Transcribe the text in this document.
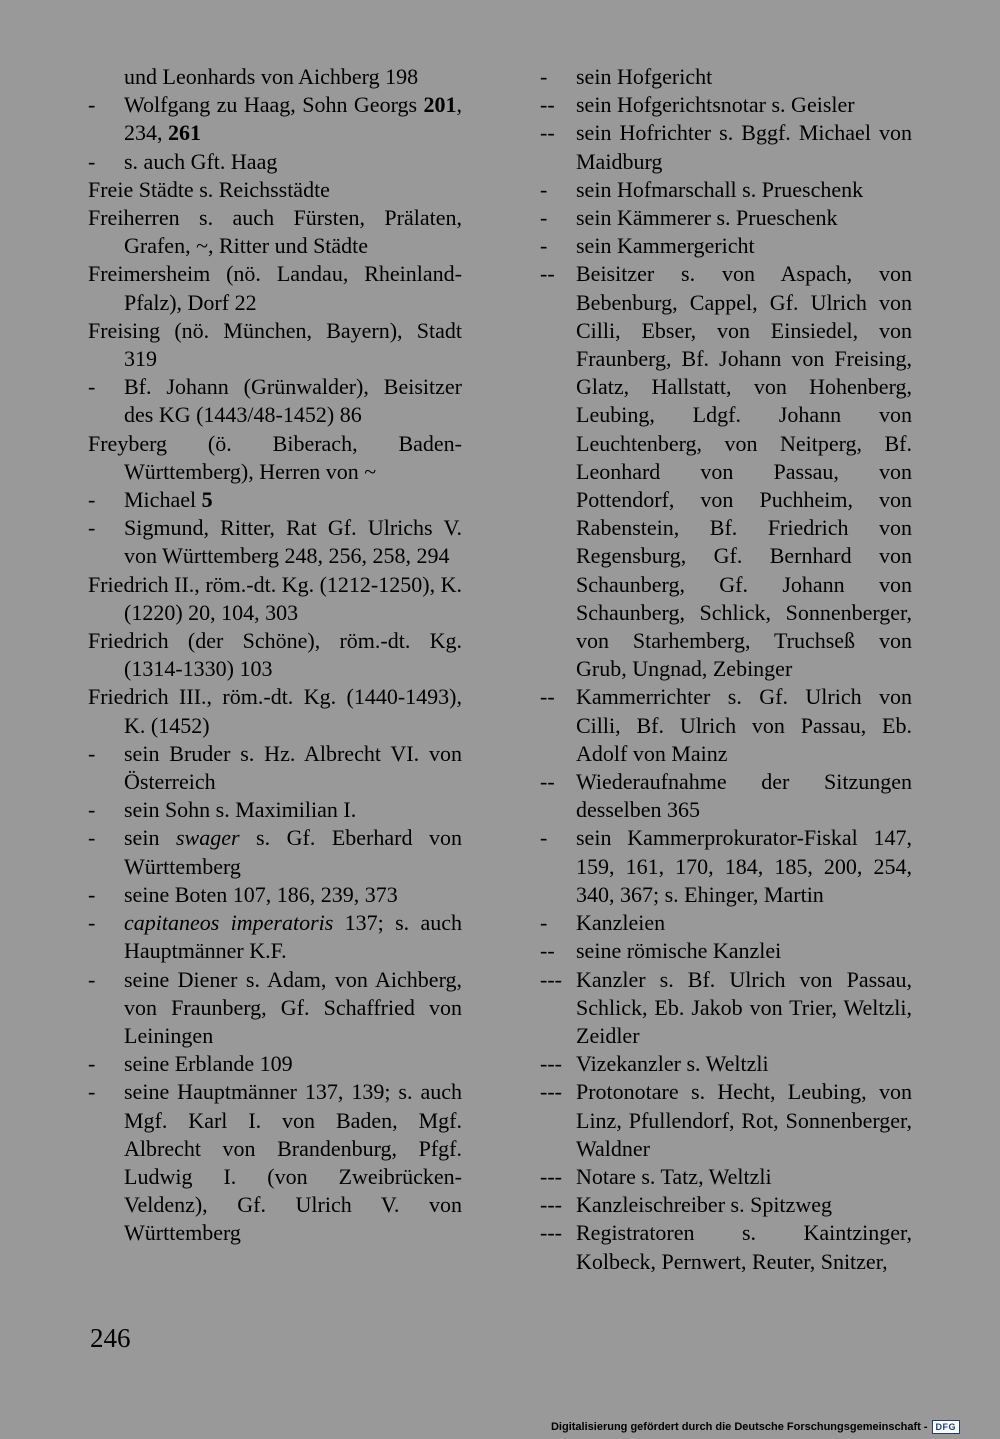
und Leonhards von Aichberg 198
-	Wolfgang zu Haag, Sohn Georgs 201, 234, 261
-	s. auch Gft. Haag
Freie Städte s. Reichsstädte
Freiherren s. auch Fürsten, Prälaten, Grafen, ~, Ritter und Städte
Freimersheim (nö. Landau, Rheinland-Pfalz), Dorf 22
Freising (nö. München, Bayern), Stadt 319
-	Bf. Johann (Grünwalder), Beisitzer des KG (1443/48-1452) 86
Freyberg (ö. Biberach, Baden-Württemberg), Herren von ~
-	Michael 5
-	Sigmund, Ritter, Rat Gf. Ulrichs V. von Württemberg 248, 256, 258, 294
Friedrich II., röm.-dt. Kg. (1212-1250), K. (1220) 20, 104, 303
Friedrich (der Schöne), röm.-dt. Kg. (1314-1330) 103
Friedrich III., röm.-dt. Kg. (1440-1493), K. (1452)
-	sein Bruder s. Hz. Albrecht VI. von Österreich
-	sein Sohn s. Maximilian I.
-	sein swager s. Gf. Eberhard von Württemberg
-	seine Boten 107, 186, 239, 373
-	capitaneos imperatoris 137; s. auch Hauptmänner K.F.
-	seine Diener s. Adam, von Aichberg, von Fraunberg, Gf. Schaffried von Leiningen
-	seine Erblande 109
-	seine Hauptmänner 137, 139; s. auch Mgf. Karl I. von Baden, Mgf. Albrecht von Brandenburg, Pfgf. Ludwig I. (von Zweibrücken-Veldenz), Gf. Ulrich V. von Württemberg
-	sein Hofgericht
-- sein Hofgerichtsnotar s. Geisler
-- sein Hofrichter s. Bggf. Michael von Maidburg
-	sein Hofmarschall s. Prueschenk
-	sein Kämmerer s. Prueschenk
-	sein Kammergericht
-- Beisitzer s. von Aspach, von Bebenburg, Cappel, Gf. Ulrich von Cilli, Ebser, von Einsiedel, von Fraunberg, Bf. Johann von Freising, Glatz, Hallstatt, von Hohenberg, Leubing, Ldgf. Johann von Leuchtenberg, von Neitperg, Bf. Leonhard von Passau, von Pottendorf, von Puchheim, von Rabenstein, Bf. Friedrich von Regensburg, Gf. Bernhard von Schaunberg, Gf. Johann von Schaunberg, Schlick, Sonnenberger, von Starhemberg, Truchseß von Grub, Ungnad, Zebinger
-- Kammerrichter s. Gf. Ulrich von Cilli, Bf. Ulrich von Passau, Eb. Adolf von Mainz
-- Wiederaufnahme der Sitzungen desselben 365
-	sein Kammerprokurator-Fiskal 147, 159, 161, 170, 184, 185, 200, 254, 340, 367; s. Ehinger, Martin
-	Kanzleien
-- seine römische Kanzlei
--- Kanzler s. Bf. Ulrich von Passau, Schlick, Eb. Jakob von Trier, Weltzli, Zeidler
--- Vizekanzler s. Weltzli
--- Protonotare s. Hecht, Leubing, von Linz, Pfullendorf, Rot, Sonnenberger, Waldner
--- Notare s. Tatz, Weltzli
--- Kanzleischreiber s. Spitzweg
--- Registratoren s. Kaintzinger, Kolbeck, Pernwert, Reuter, Snitzer,
246
Digitalisierung gefördert durch die Deutsche Forschungsgemeinschaft - DFG
